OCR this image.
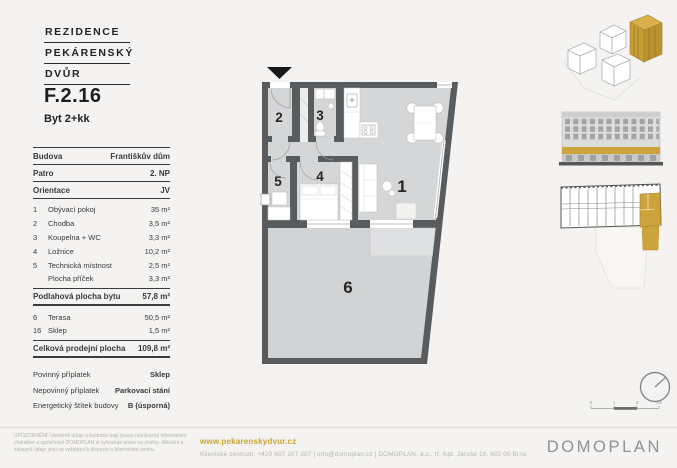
REZIDENCE
PEKÁRENSKÝ
DVŮR
F.2.16
Byt 2+kk
Budova	Františkův dům
Patro	2. NP
Orientace	JV
1	Obývací pokoj	35 m²
2	Chodba	3,5 m²
3	Koupelna + WC	3,3 m²
4	Ložnice	10,2 m²
5	Technická místnost	2,5 m²
Plocha příček	3,3 m²
Podlahová plocha bytu	57,8 m²
6	Terasa	50,5 m²
16 Sklep	1,5 m²
Celková prodejní plocha 109,8 m²
Povinný příplatek	Sklep
Nepovinný příplatek Parkovací stání
Energetický štítek budovy B (úsporná)
1
2 3
4
5
6
0	1	2	3m
UPOZORNĚNÍ: Uvedené údaje a ilustrace mají pouze nezávazný informativní charakter a společnost DOMOPLAN si vyhrazuje právo na změny. Aktuální a závazné údaje jsou na vyžádání k dispozici v klientském centru.
www.pekarenskydvur.cz
Klientské centrum: +420 607 207 207 | info@domoplan.cz | DOMOPLAN, a.s., tř. Kpt. Jaroše 19, 602 00 Brno DOMOPLAN
